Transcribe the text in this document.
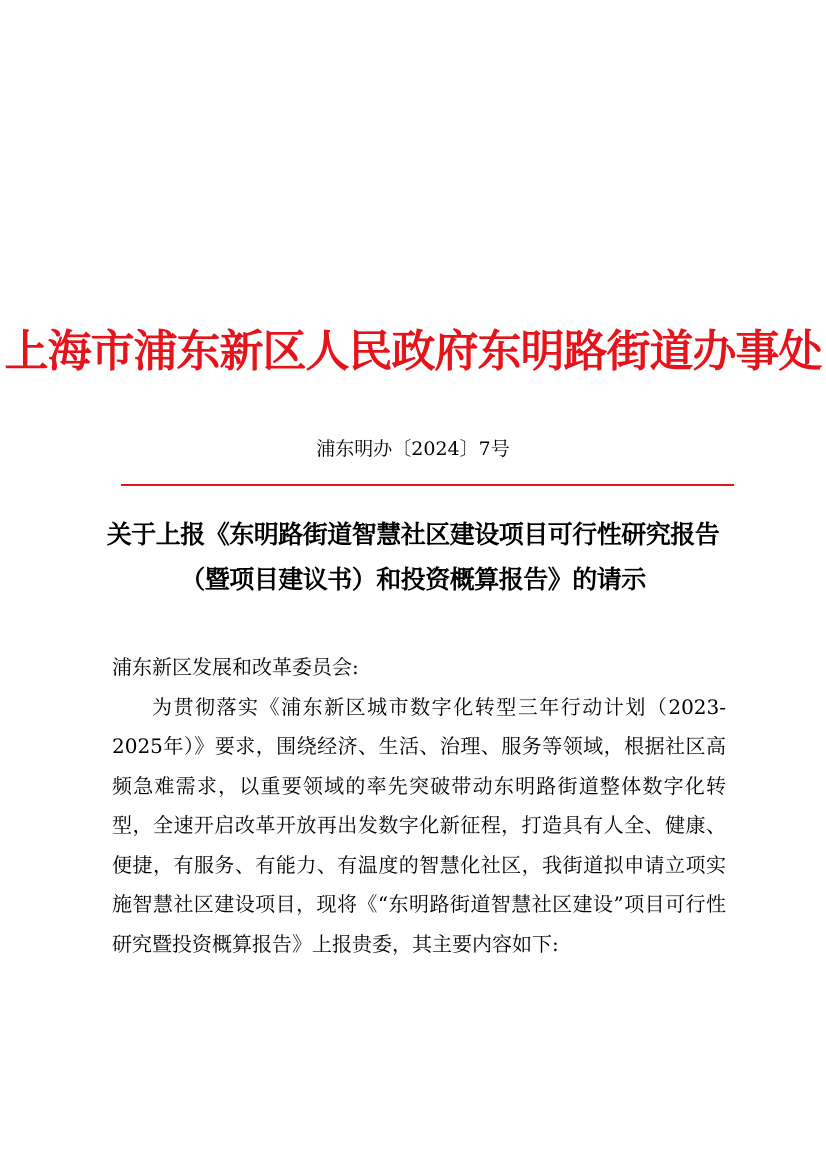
上海市浦东新区人民政府东明路街道办事处
浦东明办〔2024〕7号
关于上报《东明路街道智慧社区建设项目可行性研究报告
（暨项目建议书）和投资概算报告》的请示
浦东新区发展和改革委员会:

为贯彻落实《浦东新区城市数字化转型三年行动计划（2023-2025年）》要求，围绕经济、生活、治理、服务等领域，根据社区高频急难需求，以重要领域的率先突破带动东明路街道整体数字化转型，全速开启改革开放再出发数字化新征程，打造具有人全、健康、便捷，有服务、有能力、有温度的智慧化社区，我街道拟申请立项实施智慧社区建设项目，现将《“东明路街道智慧社区建设”项目可行性研究暨投资概算报告》上报贵委，其主要内容如下:
